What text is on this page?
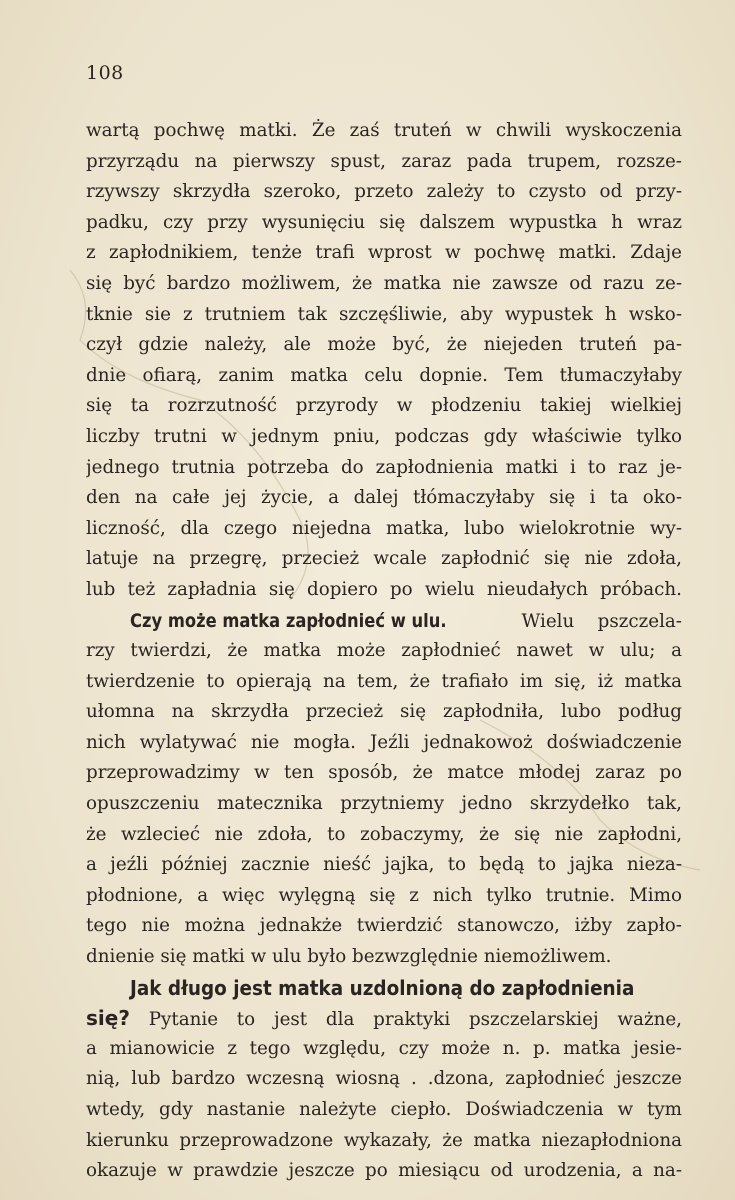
108
wartą pochwę matki. Że zaś truteń w chwili wyskoczenia
przyrządu na pierwszy spust, zaraz pada trupem, rozsze-
rzywszy skrzydła szeroko, przeto zależy to czysto od przy-
padku, czy przy wysunięciu się dalszem wypustka h wraz
z zapłodnikiem, tenże trafi wprost w pochwę matki. Zdaje
się być bardzo możliwem, że matka nie zawsze od razu ze-
tknie sie z trutniem tak szczęśliwie, aby wypustek h wsko-
czył gdzie należy, ale może być, że niejeden truteń pa-
dnie ofiarą, zanim matka celu dopnie. Tem tłumaczyłaby
się ta rozrzutność przyrody w płodzeniu takiej wielkiej
liczby trutni w jednym pniu, podczas gdy właściwie tylko
jednego trutnia potrzeba do zapłodnienia matki i to raz je-
den na całe jej życie, a dalej tłómaczyłaby się i ta oko-
liczność, dla czego niejedna matka, lubo wielokrotnie wy-
latuje na przegrę, przecież wcale zapłodnić się nie zdoła,
lub też zapładnia się dopiero po wielu nieudałych próbach.
Czy może matka zapłodnieć w ulu.	Wielu pszczela-
rzy twierdzi, że matka może zapłodnieć nawet w ulu; a
twierdzenie to opierają na tem, że trafiało im się, iż matka
ułomna na skrzydła przecież się zapłodniła, lubo podług
nich wylatywać nie mogła. Jeźli jednakowoż doświadczenie
przeprowadzimy w ten sposób, że matce młodej zaraz po
opuszczeniu matecznika przytniemy jedno skrzydełko tak,
że wzlecieć nie zdoła, to zobaczymy, że się nie zapłodni,
a jeźli później zacznie nieść jajka, to będą to jajka nieza-
płodnione, a więc wylęgną się z nich tylko trutnie. Mimo
tego nie można jednakże twierdzić stanowczo, iżby zapło-
dnienie się matki w ulu było bezwzględnie niemożliwem.
Jak długo jest matka uzdolnioną do zapłodnienia
się? Pytanie to jest dla praktyki pszczelarskiej ważne,
a mianowicie z tego względu, czy może n. p. matka jesie-
nią, lub bardzo wczesną wiosną . .dzona, zapłodnieć jeszcze
wtedy, gdy nastanie należyte ciepło. Doświadczenia w tym
kierunku przeprowadzone wykazały, że matka niezapłodniona
okazuje w prawdzie jeszcze po miesiącu od urodzenia, a na-
